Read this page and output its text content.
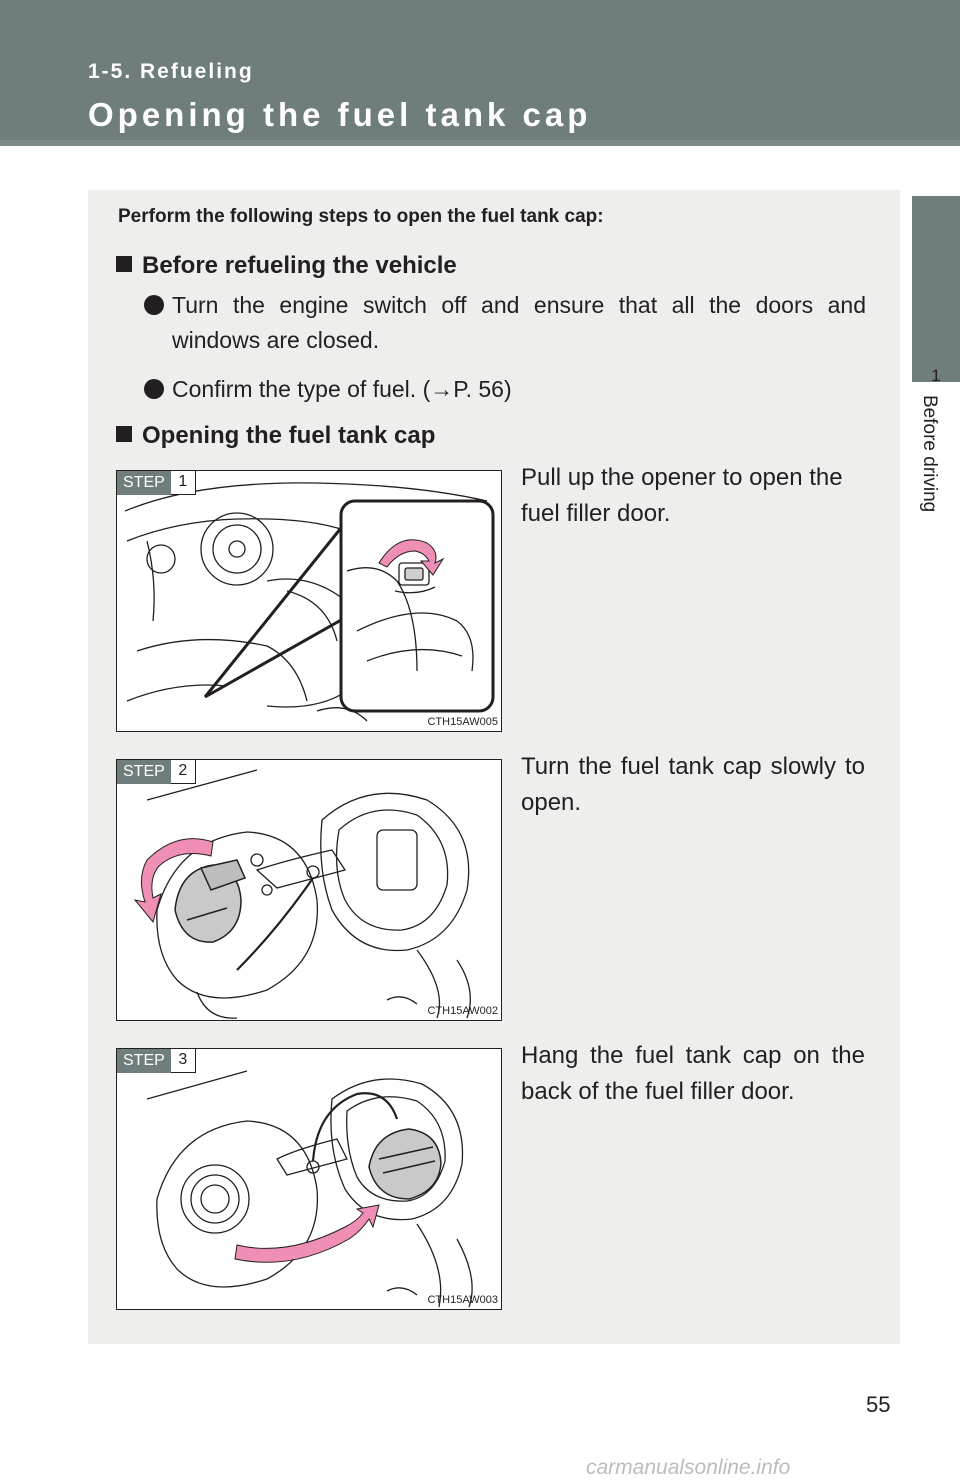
1-5. Refueling
Opening the fuel tank cap
1
Before driving
Perform the following steps to open the fuel tank cap:
Before refueling the vehicle
Turn the engine switch off and ensure that all the doors and windows are closed.
Confirm the type of fuel. (→P. 56)
Opening the fuel tank cap
STEP 1
CTH15AW005
Pull up the opener to open the fuel filler door.
STEP 2
CTH15AW002
Turn the fuel tank cap slowly to open.
STEP 3
CTH15AW003
Hang the fuel tank cap on the back of the fuel filler door.
55
carmanualsonline.info
